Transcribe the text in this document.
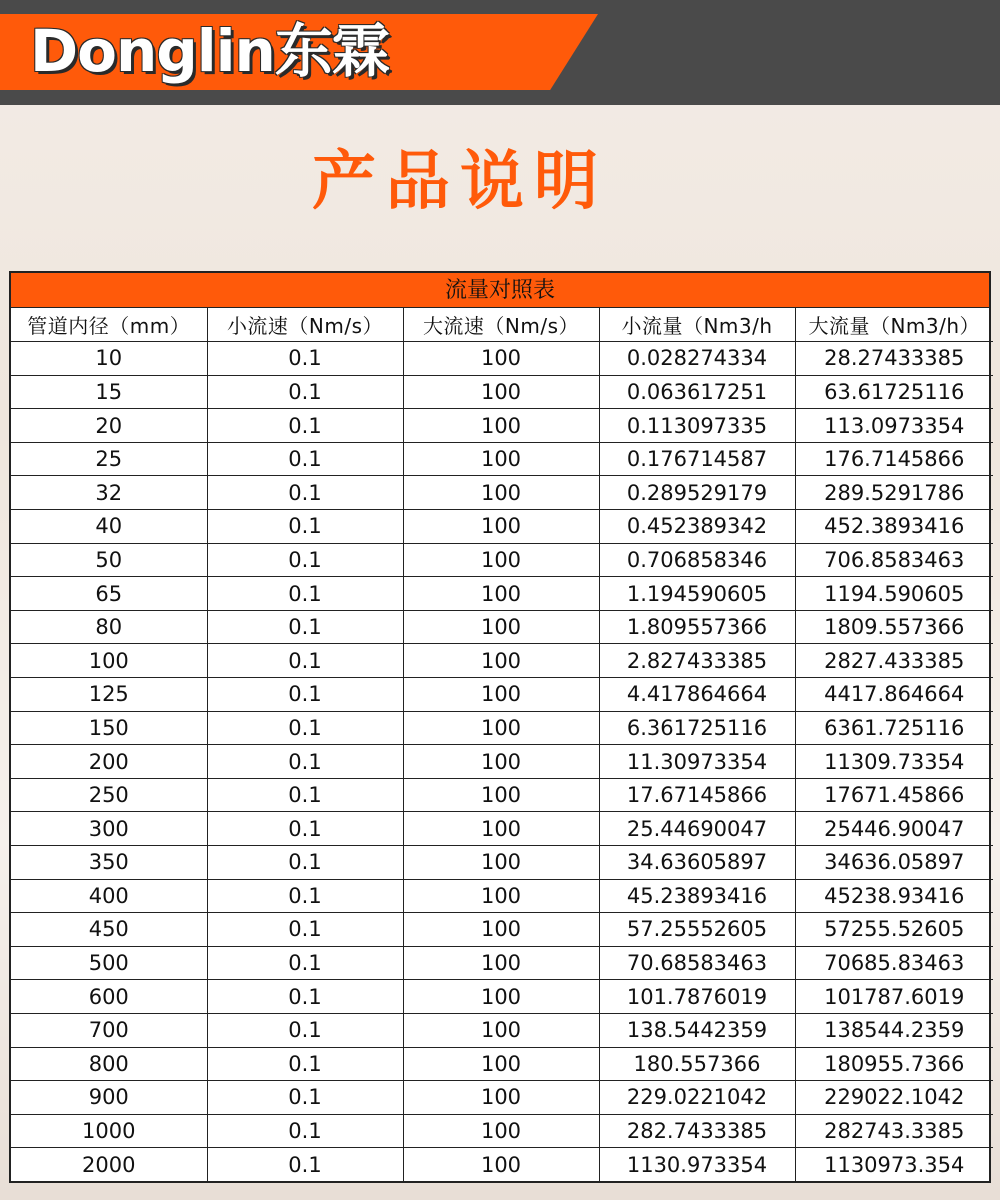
Donglin东霖
产品说明
流量对照表
管道内径（mm）	小流速（Nm/s）	大流速（Nm/s）	小流量（Nm3/h	大流量（Nm3/h）
10	0.1	100	0.028274334	28.27433385
15	0.1	100	0.063617251	63.61725116
20	0.1	100	0.113097335	113.0973354
25	0.1	100	0.176714587	176.7145866
32	0.1	100	0.289529179	289.5291786
40	0.1	100	0.452389342	452.3893416
50	0.1	100	0.706858346	706.8583463
65	0.1	100	1.194590605	1194.590605
80	0.1	100	1.809557366	1809.557366
100	0.1	100	2.827433385	2827.433385
125	0.1	100	4.417864664	4417.864664
150	0.1	100	6.361725116	6361.725116
200	0.1	100	11.30973354	11309.73354
250	0.1	100	17.67145866	17671.45866
300	0.1	100	25.44690047	25446.90047
350	0.1	100	34.63605897	34636.05897
400	0.1	100	45.23893416	45238.93416
450	0.1	100	57.25552605	57255.52605
500	0.1	100	70.68583463	70685.83463
600	0.1	100	101.7876019	101787.6019
700	0.1	100	138.5442359	138544.2359
800	0.1	100	180.557366	180955.7366
900	0.1	100	229.0221042	229022.1042
1000	0.1	100	282.7433385	282743.3385
2000	0.1	100	1130.973354	1130973.354
